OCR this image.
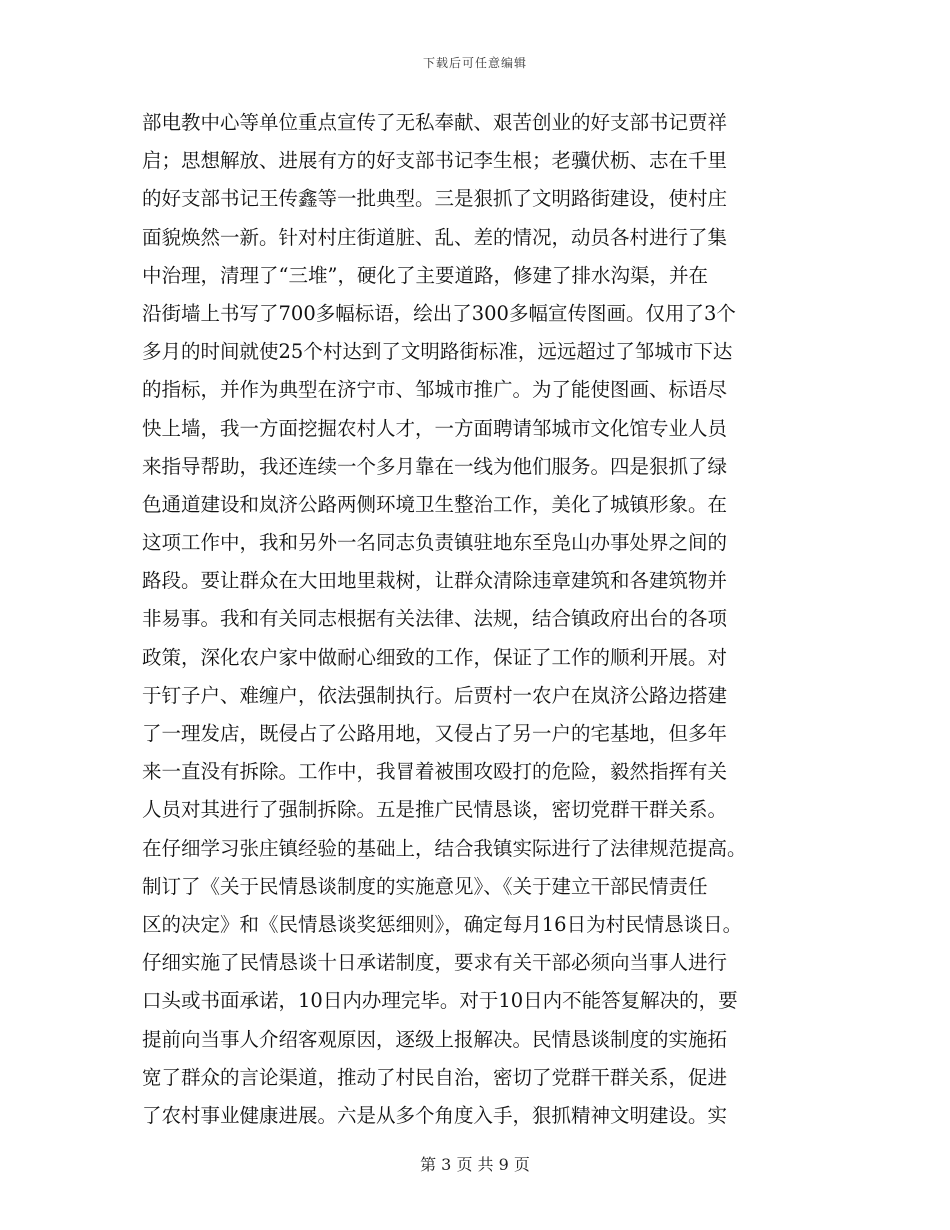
下载后可任意编辑
部电教中心等单位重点宣传了无私奉献、艰苦创业的好支部书记贾祥
启；思想解放、进展有方的好支部书记李生根；老骥伏枥、志在千里
的好支部书记王传鑫等一批典型。三是狠抓了文明路街建设，使村庄
面貌焕然一新。针对村庄街道脏、乱、差的情况，动员各村进行了集
中治理，清理了“三堆”，硬化了主要道路，修建了排水沟渠，并在
沿街墙上书写了700多幅标语，绘出了300多幅宣传图画。仅用了3个
多月的时间就使25个村达到了文明路街标准，远远超过了邹城市下达
的指标，并作为典型在济宁市、邹城市推广。为了能使图画、标语尽
快上墙，我一方面挖掘农村人才，一方面聘请邹城市文化馆专业人员
来指导帮助，我还连续一个多月靠在一线为他们服务。四是狠抓了绿
色通道建设和岚济公路两侧环境卫生整治工作，美化了城镇形象。在
这项工作中，我和另外一名同志负责镇驻地东至凫山办事处界之间的
路段。要让群众在大田地里栽树，让群众清除违章建筑和各建筑物并
非易事。我和有关同志根据有关法律、法规，结合镇政府出台的各项
政策，深化农户家中做耐心细致的工作，保证了工作的顺利开展。对
于钉子户、难缠户，依法强制执行。后贾村一农户在岚济公路边搭建
了一理发店，既侵占了公路用地，又侵占了另一户的宅基地，但多年
来一直没有拆除。工作中，我冒着被围攻殴打的危险，毅然指挥有关
人员对其进行了强制拆除。五是推广民情恳谈，密切党群干群关系。
在仔细学习张庄镇经验的基础上，结合我镇实际进行了法律规范提高。
制订了《关于民情恳谈制度的实施意见》、《关于建立干部民情责任
区的决定》和《民情恳谈奖惩细则》，确定每月16日为村民情恳谈日。
仔细实施了民情恳谈十日承诺制度，要求有关干部必须向当事人进行
口头或书面承诺，10日内办理完毕。对于10日内不能答复解决的，要
提前向当事人介绍客观原因，逐级上报解决。民情恳谈制度的实施拓
宽了群众的言论渠道，推动了村民自治，密切了党群干群关系，促进
了农村事业健康进展。六是从多个角度入手，狠抓精神文明建设。实
第 3 页 共 9 页
